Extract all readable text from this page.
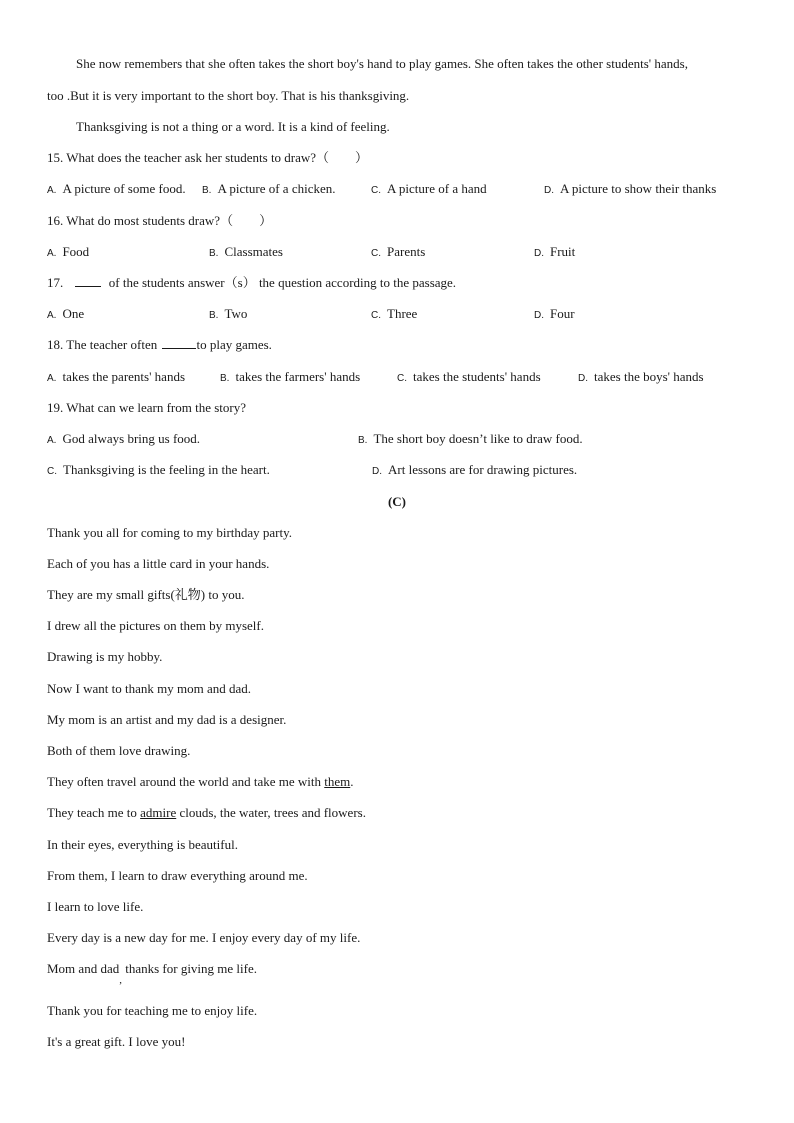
She now remembers that she often takes the short boy's hand to play games. She often takes the other students' hands,
too .But it is very important to the short boy. That is his thanksgiving.
Thanksgiving is not a thing or a word. It is a kind of feeling.
15. What does the teacher ask her students to draw?（　　）
A. A picture of some food. B. A picture of a chicken.	C. A picture of a hand	D. A picture to show their thanks
16. What do most students draw?（　　）
A. Food	B. Classmates	C. Parents	D. Fruit
17.	of the students answer（s） the question according to the passage.
A. One	B. Two	C. Three	D. Four
18. The teacher often	to play games.
A. takes the parents' hands	B. takes the farmers' hands	C. takes the students' hands	D. takes the boys' hands
19. What can we learn from the story?
A. God always bring us food.	B. The short boy doesn’t like to draw food.
C. Thanksgiving is the feeling in the heart.	D. Art lessons are for drawing pictures.
(C)
Thank you all for coming to my birthday party.
Each of you has a little card in your hands.
They are my small gifts(礼物) to you.
I drew all the pictures on them by myself.
Drawing is my hobby.
Now I want to thank my mom and dad.
My mom is an artist and my dad is a designer.
Both of them love drawing.
They often travel around the world and take me with them.
They teach me to admire clouds, the water, trees and flowers.
In their eyes, everything is beautiful.
From them, I learn to draw everything around me.
I learn to love life.
Every day is a new day for me. I enjoy every day of my life.
Mom and dad$_,$ thanks for giving me life.
Thank you for teaching me to enjoy life.
It's a great gift. I love you!
